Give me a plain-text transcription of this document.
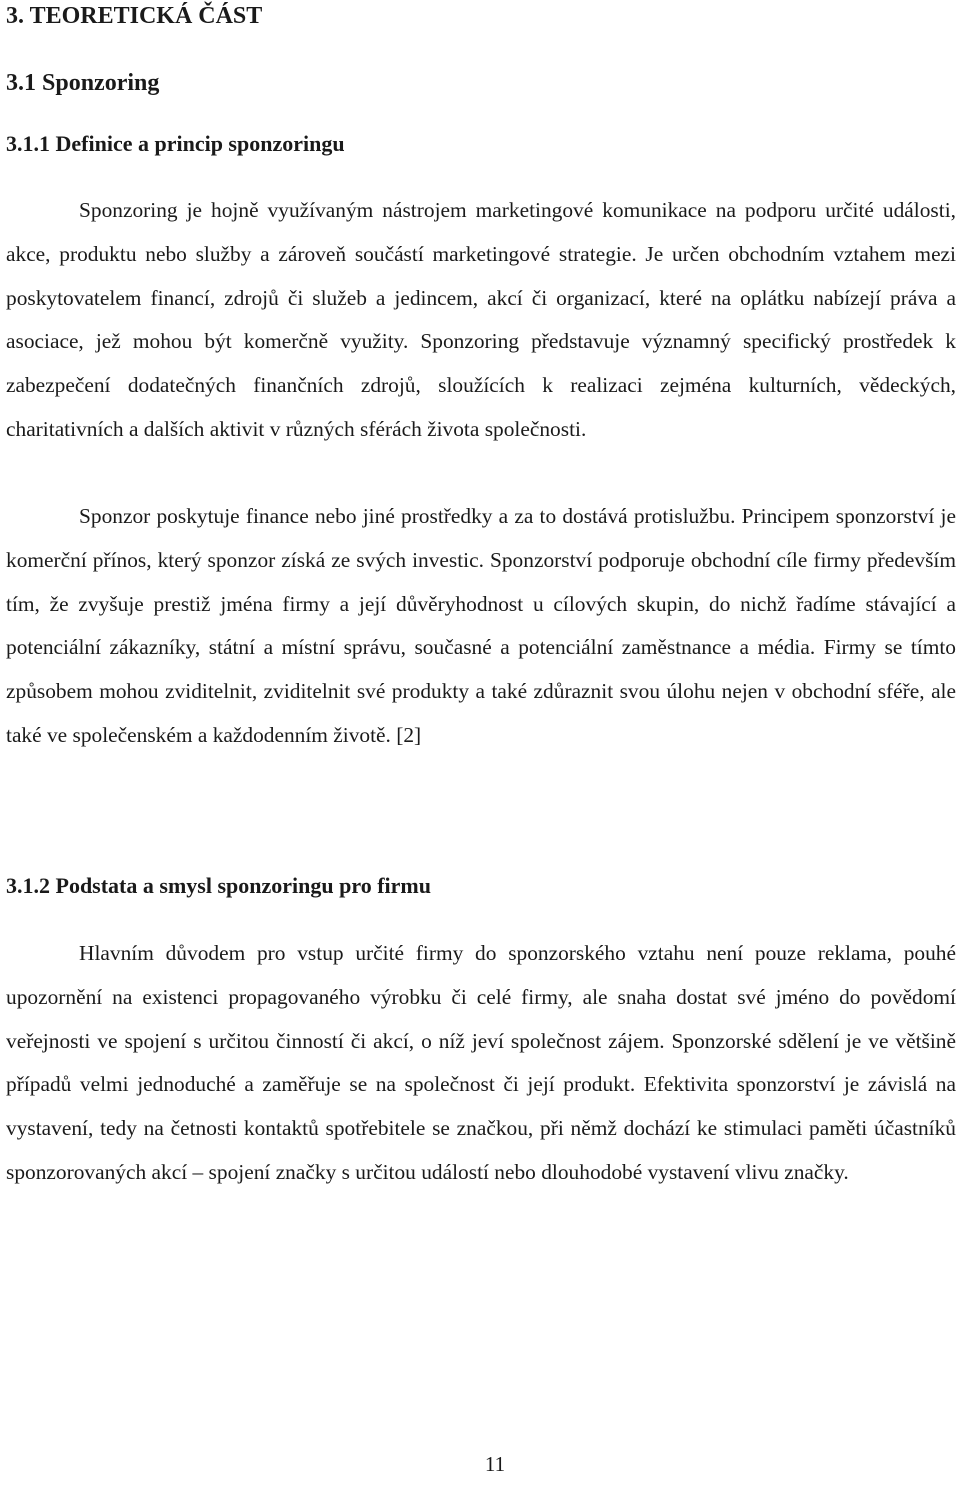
3. TEORETICKÁ ČÁST
3.1 Sponzoring
3.1.1 Definice a princip sponzoringu

Sponzoring je hojně využívaným nástrojem marketingové komunikace na podporu určité události, akce, produktu nebo služby a zároveň součástí marketingové strategie. Je určen obchodním vztahem mezi poskytovatelem financí, zdrojů či služeb a jedincem, akcí či organizací, které na oplátku nabízejí práva a asociace, jež mohou být komerčně využity. Sponzoring představuje významný specifický prostředek k zabezpečení dodatečných finančních zdrojů, sloužících k realizaci zejména kulturních, vědeckých, charitativních a dalších aktivit v různých sférách života společnosti.

Sponzor poskytuje finance nebo jiné prostředky a za to dostává protislužbu. Principem sponzorství je komerční přínos, který sponzor získá ze svých investic. Sponzorství podporuje obchodní cíle firmy především tím, že zvyšuje prestiž jména firmy a její důvěryhodnost u cílových skupin, do nichž řadíme stávající a potenciální zákazníky, státní a místní správu, současné a potenciální zaměstnance a média. Firmy se tímto způsobem mohou zviditelnit, zviditelnit své produkty a také zdůraznit svou úlohu nejen v obchodní sféře, ale také ve společenském a každodenním životě. [2]

3.1.2 Podstata a smysl sponzoringu pro firmu

Hlavním důvodem pro vstup určité firmy do sponzorského vztahu není pouze reklama, pouhé upozornění na existenci propagovaného výrobku či celé firmy, ale snaha dostat své jméno do povědomí veřejnosti ve spojení s určitou činností či akcí, o níž jeví společnost zájem. Sponzorské sdělení je ve většině případů velmi jednoduché a zaměřuje se na společnost či její produkt. Efektivita sponzorství je závislá na vystavení, tedy na četnosti kontaktů spotřebitele se značkou, při němž dochází ke stimulaci paměti účastníků sponzorovaných akcí – spojení značky s určitou událostí nebo dlouhodobé vystavení vlivu značky.

11
